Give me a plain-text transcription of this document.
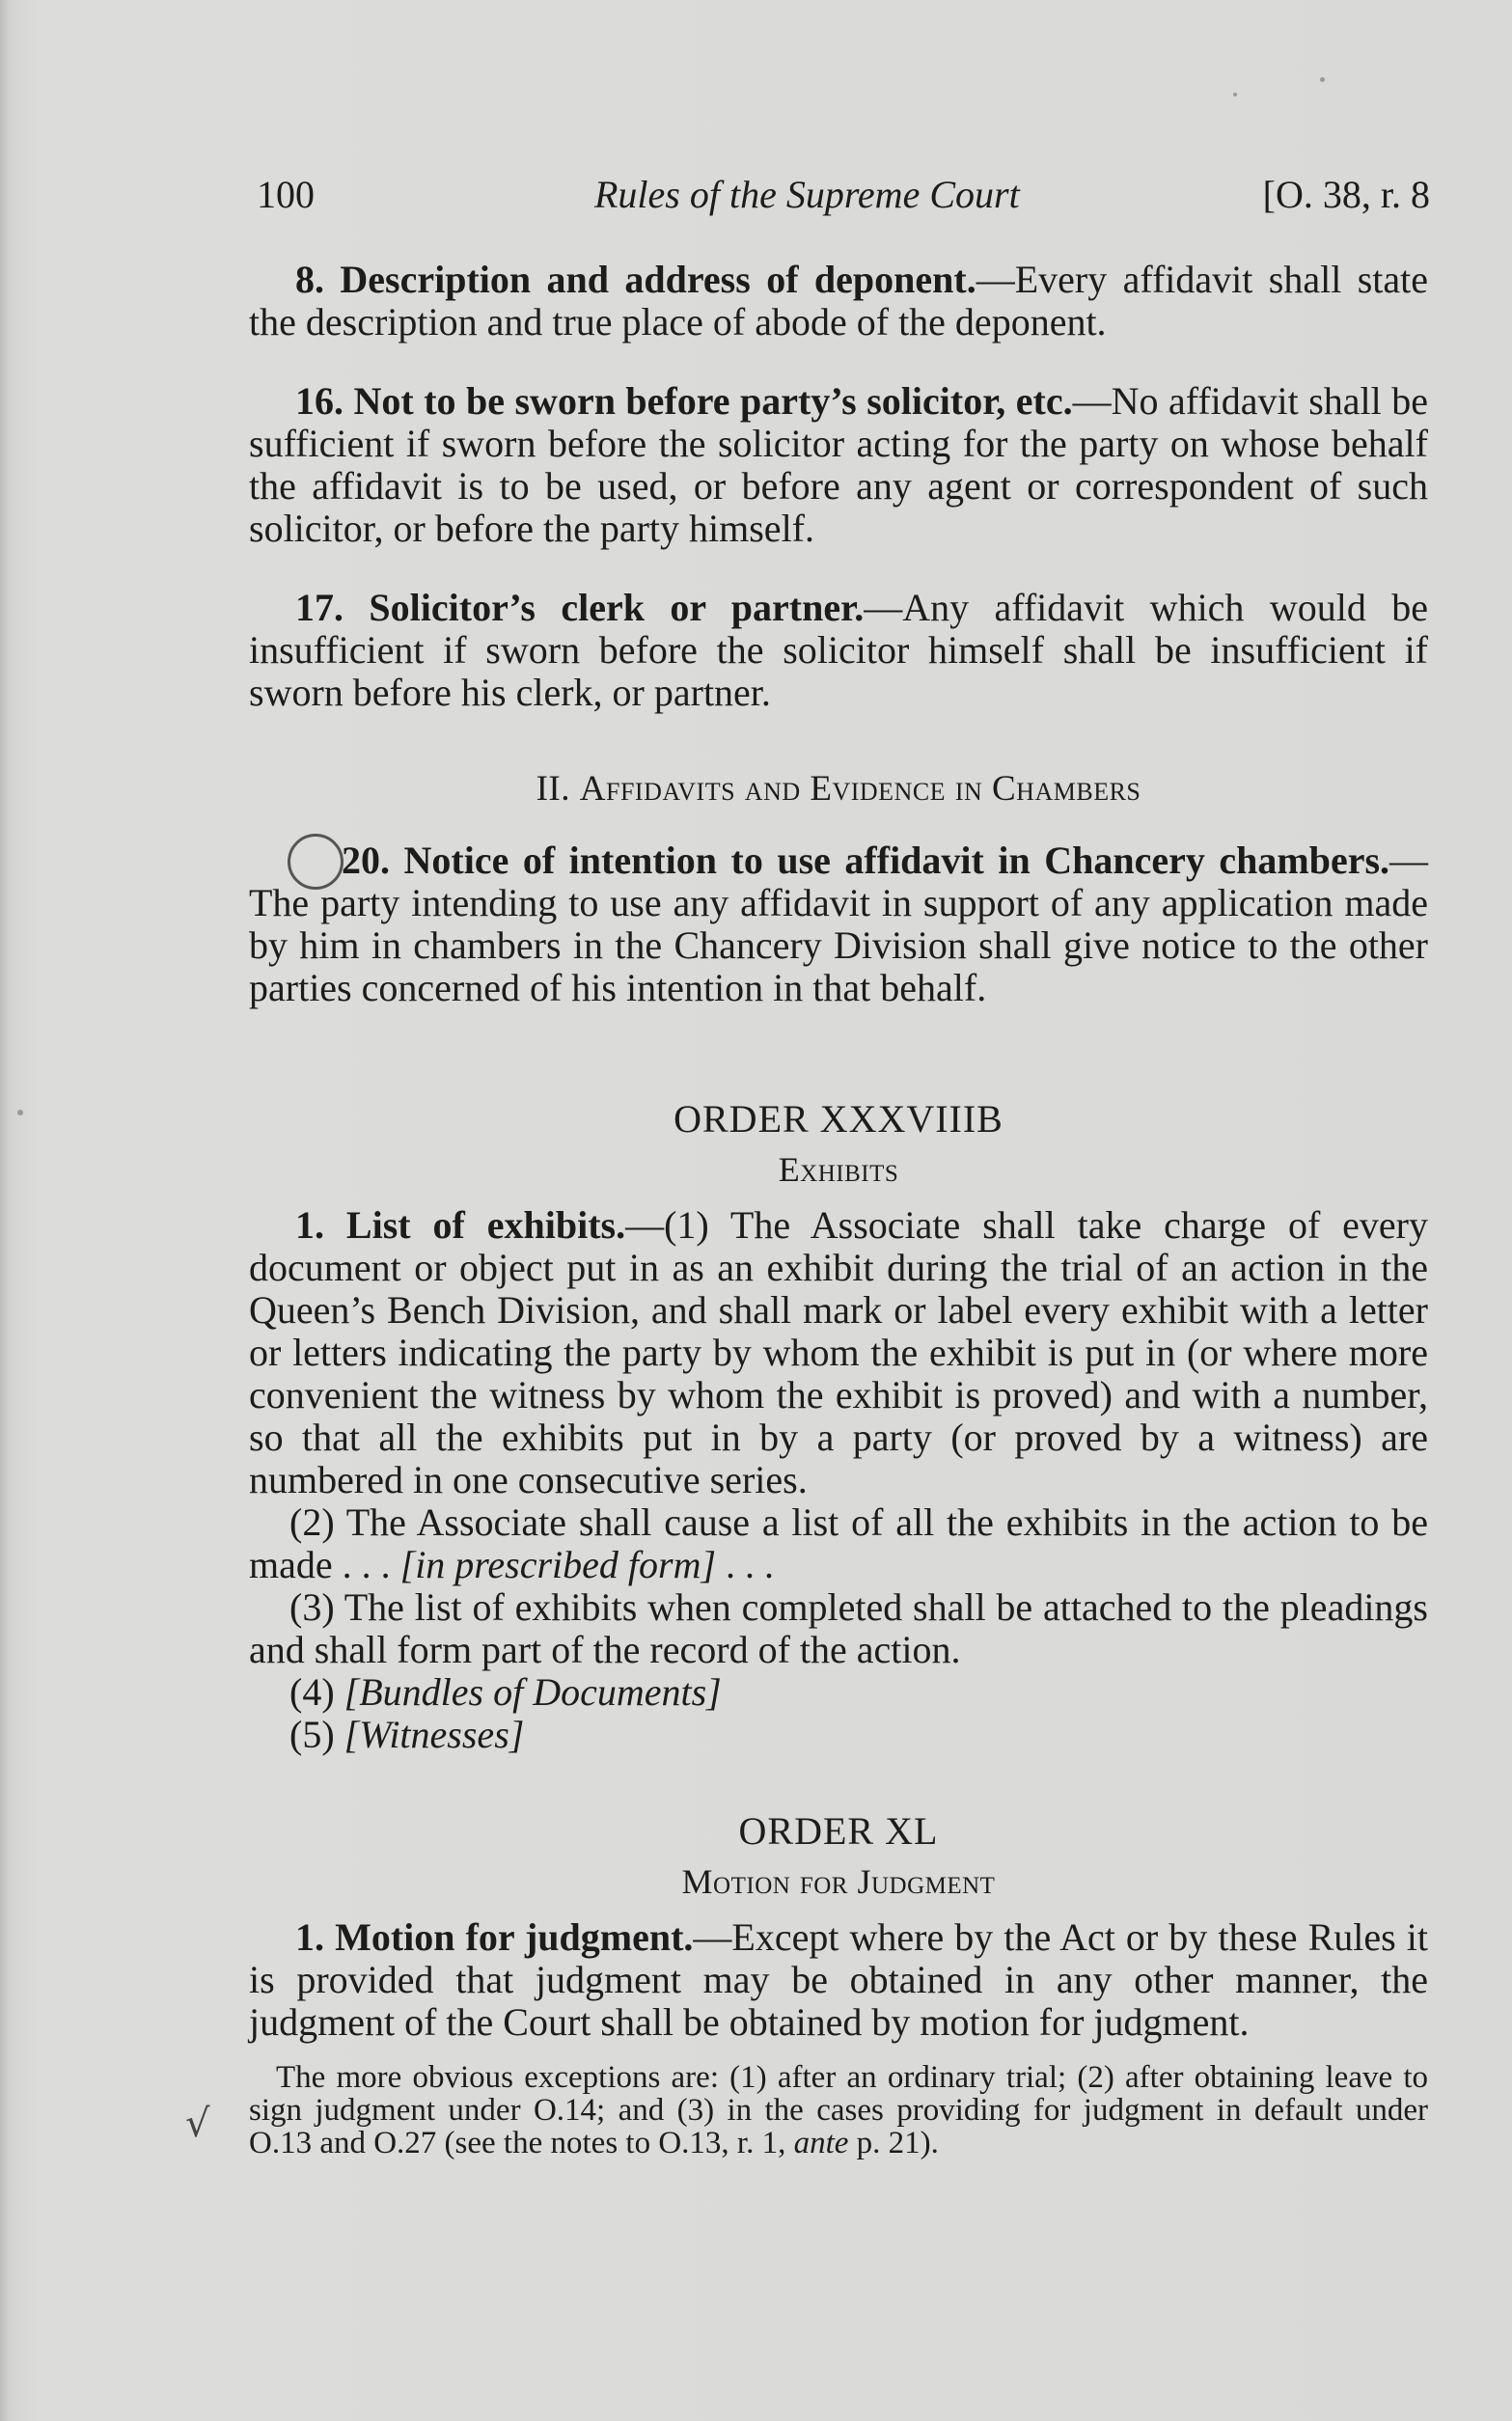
100	Rules of the Supreme Court	[O. 38, r. 8
√

8. Description and address of deponent.—Every affidavit shall state the description and true place of abode of the deponent.

16. Not to be sworn before party’s solicitor, etc.—No affidavit shall be sufficient if sworn before the solicitor acting for the party on whose behalf the affidavit is to be used, or before any agent or correspondent of such solicitor, or before the party himself.

17. Solicitor’s clerk or partner.—Any affidavit which would be insufficient if sworn before the solicitor himself shall be insufficient if sworn before his clerk, or partner.

II. Affidavits and Evidence in Chambers

20. Notice of intention to use affidavit in Chancery chambers.—The party intending to use any affidavit in support of any application made by him in chambers in the Chancery Division shall give notice to the other parties concerned of his intention in that behalf.

ORDER XXXVIIIB

Exhibits

1. List of exhibits.—(1) The Associate shall take charge of every document or object put in as an exhibit during the trial of an action in the Queen’s Bench Division, and shall mark or label every exhibit with a letter or letters indicating the party by whom the exhibit is put in (or where more convenient the witness by whom the exhibit is proved) and with a number, so that all the exhibits put in by a party (or proved by a witness) are numbered in one consecutive series.

(2) The Associate shall cause a list of all the exhibits in the action to be made . . . [in prescribed form] . . .

(3) The list of exhibits when completed shall be attached to the pleadings and shall form part of the record of the action.

(4) [Bundles of Documents]

(5) [Witnesses]

ORDER XL

Motion for Judgment

1. Motion for judgment.—Except where by the Act or by these Rules it is provided that judgment may be obtained in any other manner, the judgment of the Court shall be obtained by motion for judgment.

The more obvious exceptions are: (1) after an ordinary trial; (2) after obtaining leave to sign judgment under O.14; and (3) in the cases providing for judgment in default under O.13 and O.27 (see the notes to O.13, r. 1, ante p. 21).
